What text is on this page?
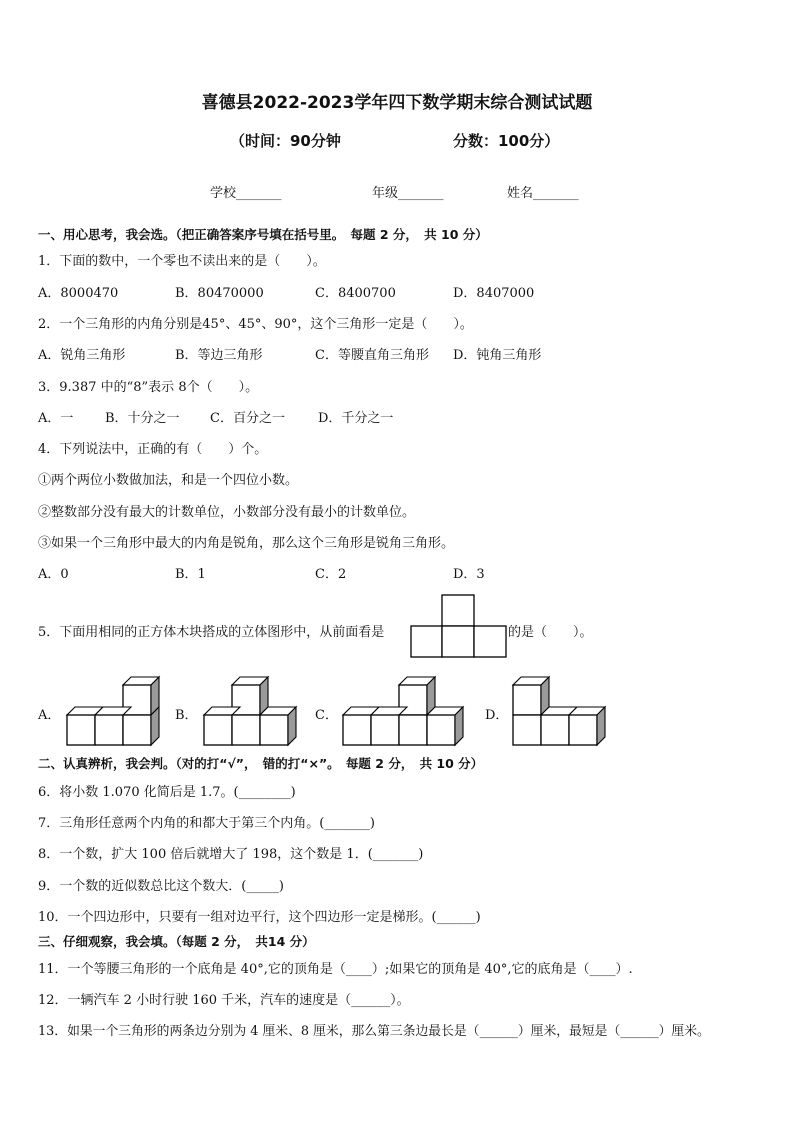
喜德县2022-2023学年四下数学期末综合测试试题
（时间：90分钟	分数：100分）
学校_______	年级_______	姓名_______
一、用心思考，我会选。（把正确答案序号填在括号里。　每题 2 分，　共 10 分）
1．下面的数中，一个零也不读出来的是（　　）。
A．8000470	B．80470000	C．8400700	D．8407000
2．一个三角形的内角分别是45°、45°、90°，这个三角形一定是（　　）。
A．锐角三角形	B．等边三角形	C．等腰直角三角形 D．钝角三角形
3．9.387 中的“8”表示 8个（　　）。
A．一 B．十分之一 C．百分之一	D．千分之一
4．下列说法中，正确的有（　　）个。
①两个两位小数做加法，和是一个四位小数。
②整数部分没有最大的计数单位，小数部分没有最小的计数单位。
③如果一个三角形中最大的内角是锐角，那么这个三角形是锐角三角形。
A．0	B．1	C．2	D．3
5．下面用相同的正方体木块搭成的立体图形中，从前面看是	的是（　　）。
A．	B．	C．	D．
二、认真辨析，我会判。（对的打“√”，　错的打“×”。　每题 2 分，　共 10 分）
6．将小数 1.070 化简后是 1.7。(________)
7．三角形任意两个内角的和都大于第三个内角。(_______)
8．一个数，扩大 100 倍后就增大了 198，这个数是 1．(_______)
9．一个数的近似数总比这个数大．(_____)
10．一个四边形中，只要有一组对边平行，这个四边形一定是梯形。(______)
三、仔细观察，我会填。（每题 2 分，　共14 分）
11．一个等腰三角形的一个底角是 40°,它的顶角是（____）;如果它的顶角是 40°,它的底角是（____）.
12．一辆汽车 2 小时行驶 160 千米，汽车的速度是（______）。
13．如果一个三角形的两条边分别为 4 厘米、8 厘米，那么第三条边最长是（______）厘米，最短是（______）厘米。
